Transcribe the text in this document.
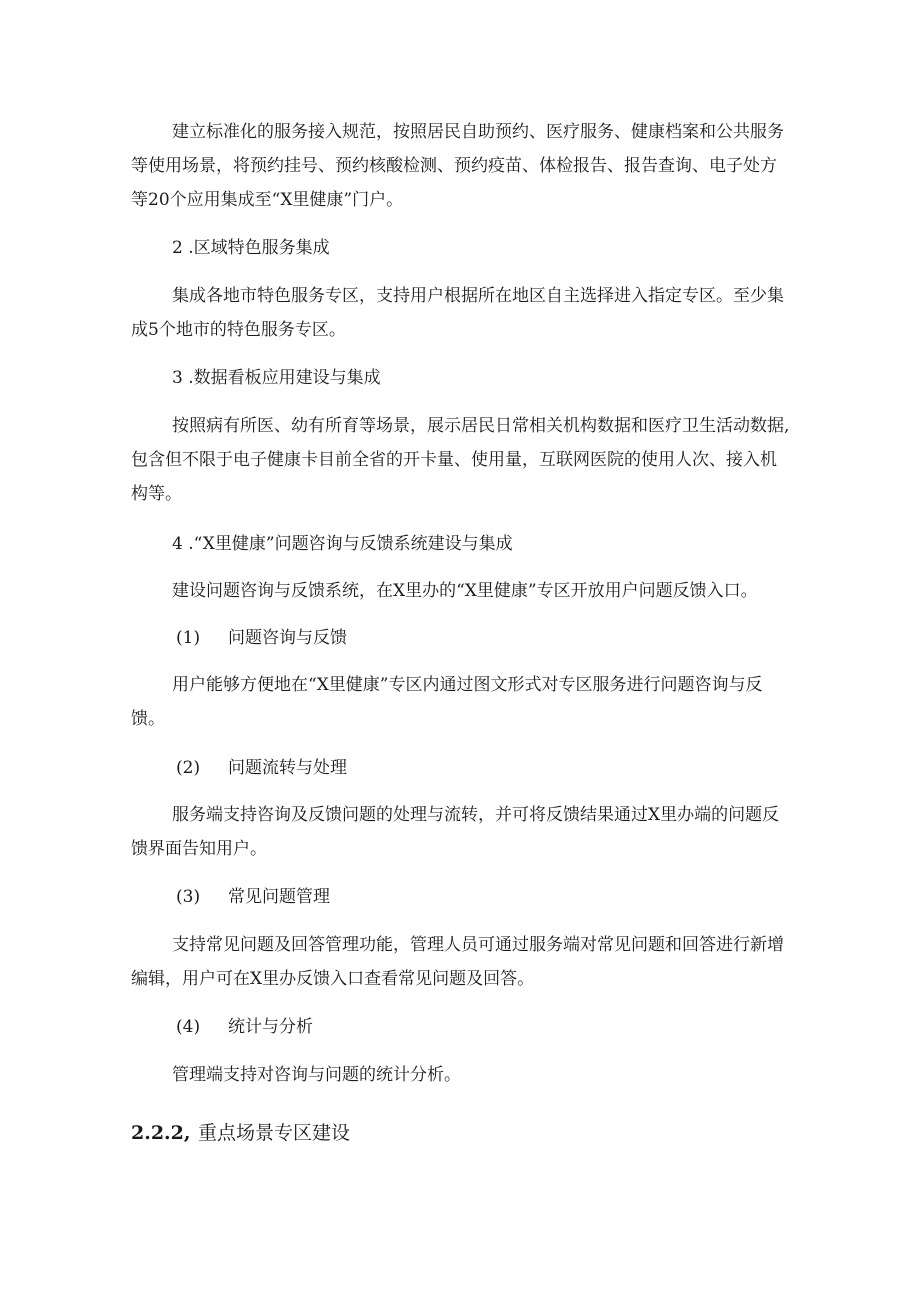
建立标准化的服务接入规范，按照居民自助预约、医疗服务、健康档案和公共服务
等使用场景，将预约挂号、预约核酸检测、预约疫苗、体检报告、报告查询、电子处方
等20个应用集成至“X里健康”门户。
2 .区域特色服务集成
集成各地市特色服务专区，支持用户根据所在地区自主选择进入指定专区。至少集
成5个地市的特色服务专区。
3 .数据看板应用建设与集成
按照病有所医、幼有所育等场景，展示居民日常相关机构数据和医疗卫生活动数据,
包含但不限于电子健康卡目前全省的开卡量、使用量，互联网医院的使用人次、接入机
构等。
4 .“X里健康”问题咨询与反馈系统建设与集成
建设问题咨询与反馈系统，在X里办的“X里健康”专区开放用户问题反馈入口。
(1) 问题咨询与反馈
用户能够方便地在“X里健康”专区内通过图文形式对专区服务进行问题咨询与反
馈。
(2) 问题流转与处理
服务端支持咨询及反馈问题的处理与流转，并可将反馈结果通过X里办端的问题反
馈界面告知用户。
(3) 常见问题管理
支持常见问题及回答管理功能，管理人员可通过服务端对常见问题和回答进行新增
编辑，用户可在X里办反馈入口查看常见问题及回答。
(4) 统计与分析
管理端支持对咨询与问题的统计分析。
2.2.2, 重点场景专区建设
